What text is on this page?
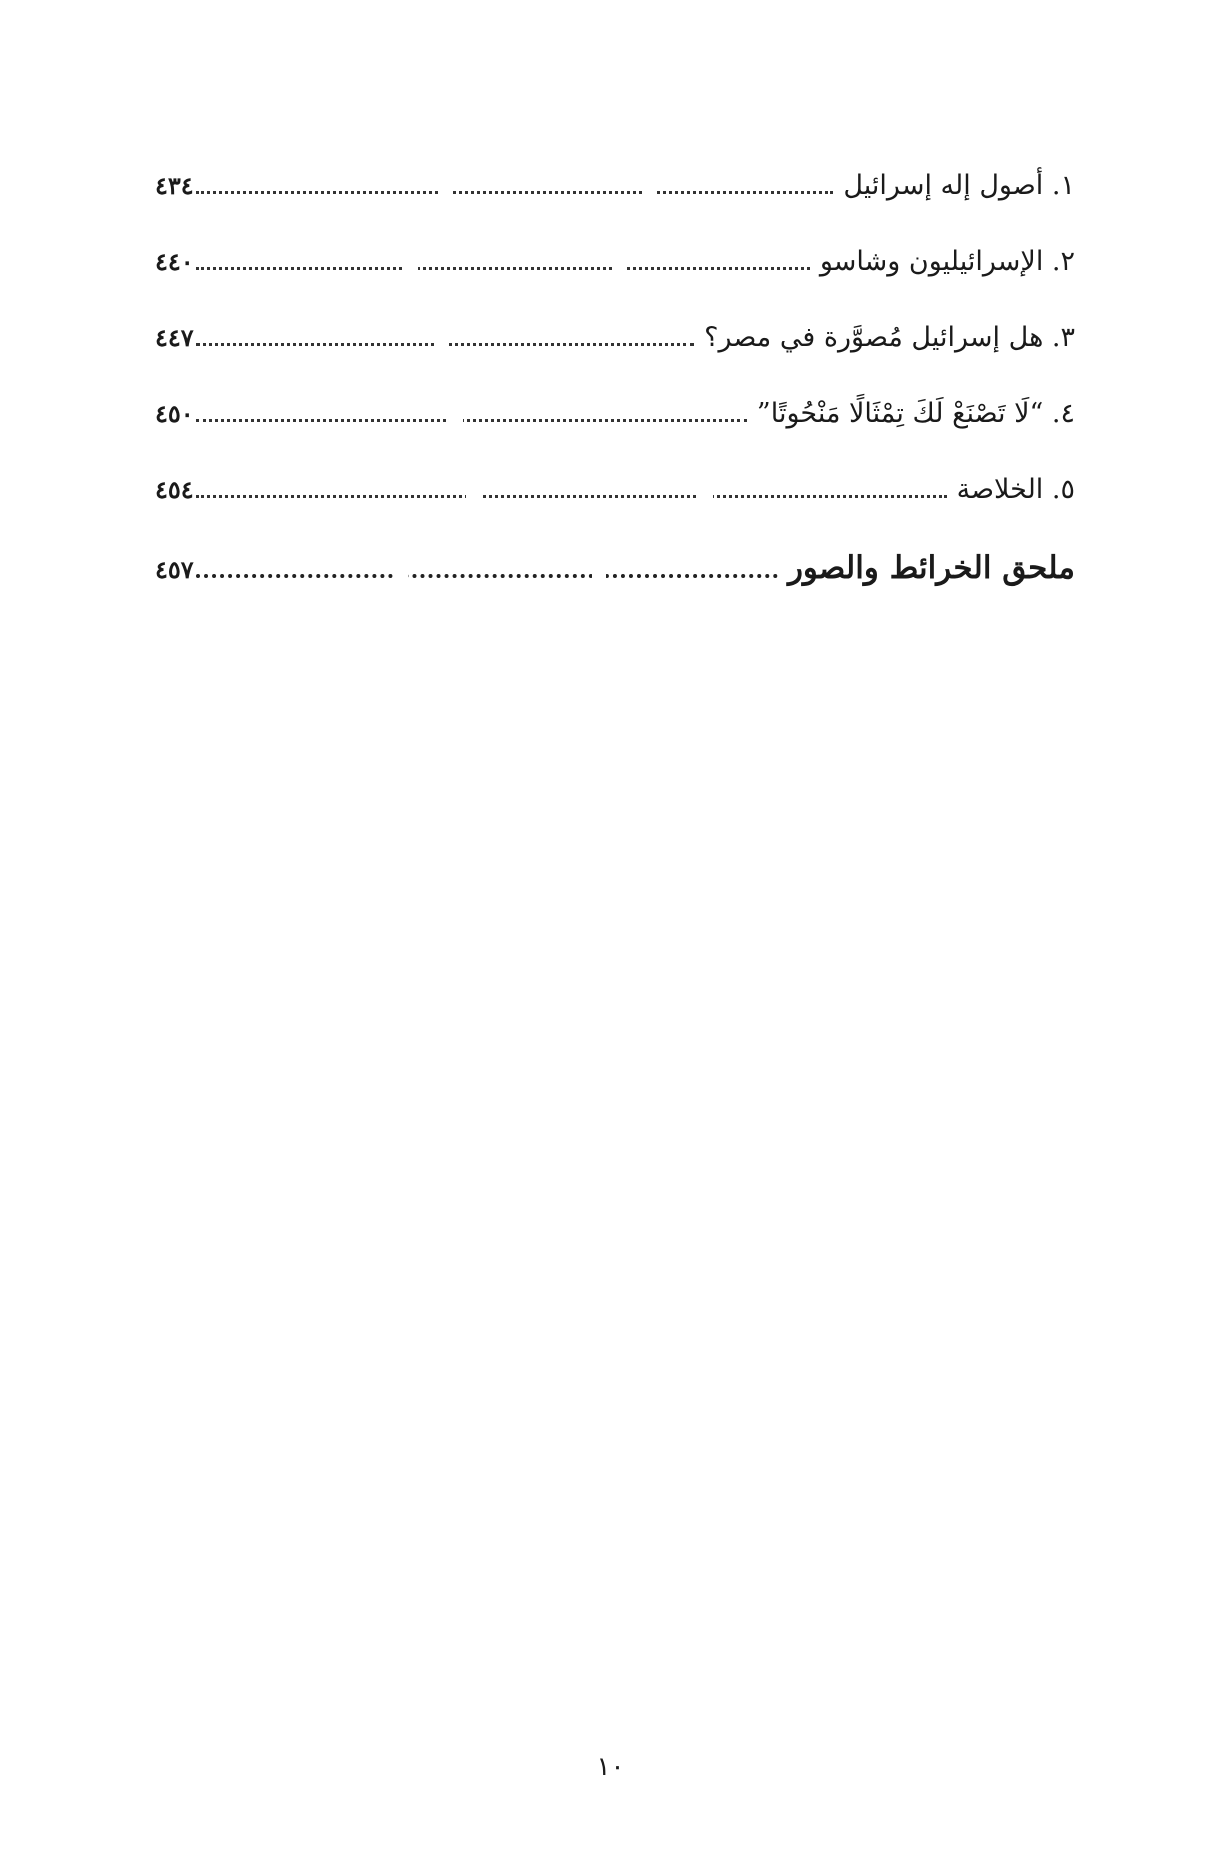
١. أصول إله إسرائيل
٤٣٤
٢. الإسرائيليون وشاسو
٤٤٠
٣. هل إسرائيل مُصوَّرة في مصر؟
٤٤٧
٤. “لَا تَصْنَعْ لَكَ تِمْثَالًا مَنْحُوتًا”
٤٥٠
٥. الخلاصة
٤٥٤
ملحق الخرائط والصور
٤٥٧
١٠
